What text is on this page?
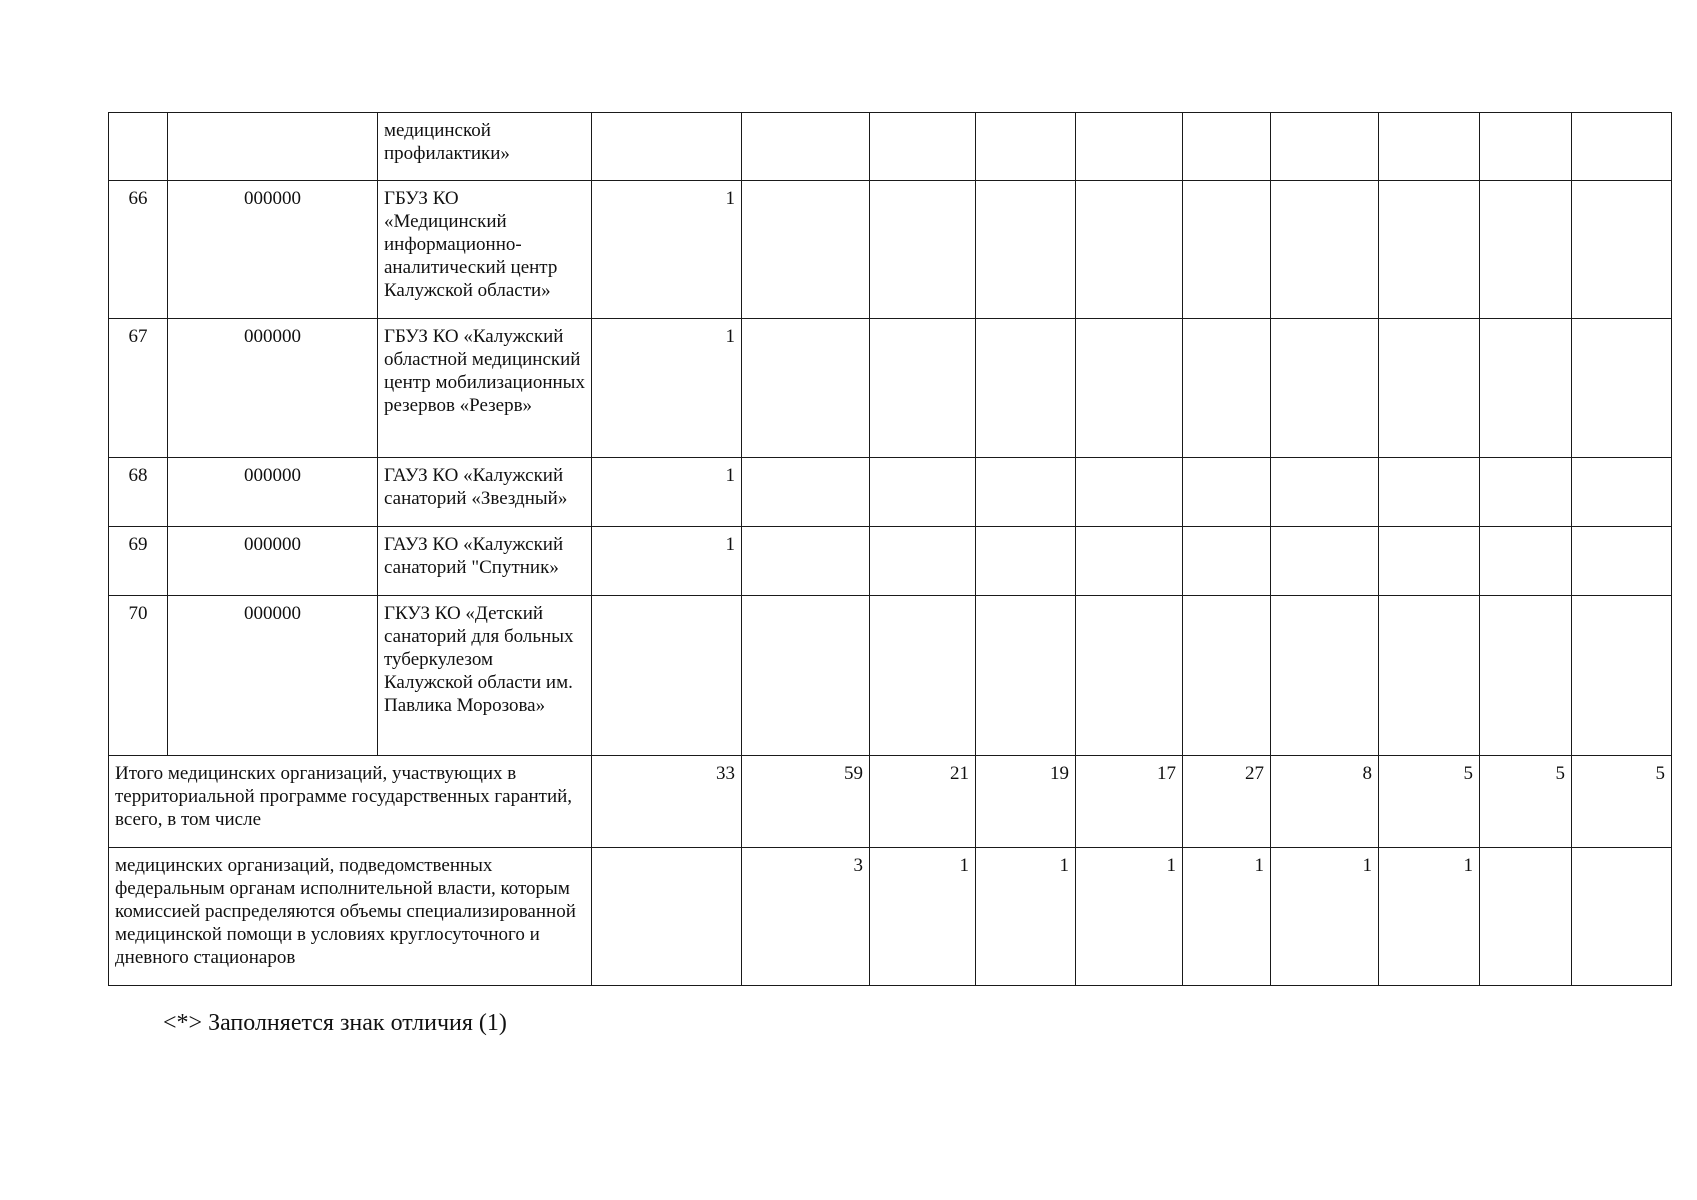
		медицинской профилактики»										
66	000000	ГБУЗ КО «Медицинский информационно-аналитический центр Калужской области»	1									
67	000000	ГБУЗ КО «Калужский областной медицинский центр мобилизационных резервов «Резерв»	1									
68	000000	ГАУЗ КО «Калужский санаторий «Звездный»	1									
69	000000	ГАУЗ КО «Калужский санаторий "Спутник»	1									
70	000000	ГКУЗ КО «Детский санаторий для больных туберкулезом Калужской области им. Павлика Морозова»										
Итого медицинских организаций, участвующих в территориальной программе государственных гарантий, всего, в том числе			33	59	21	19	17	27	8	5	5	5
медицинских организаций, подведомственных федеральным органам исполнительной власти, которым комиссией распределяются объемы специализированной медицинской помощи в условиях круглосуточного и дневного стационаров				3	1	1	1	1	1	1		
<*> Заполняется знак отличия (1)
